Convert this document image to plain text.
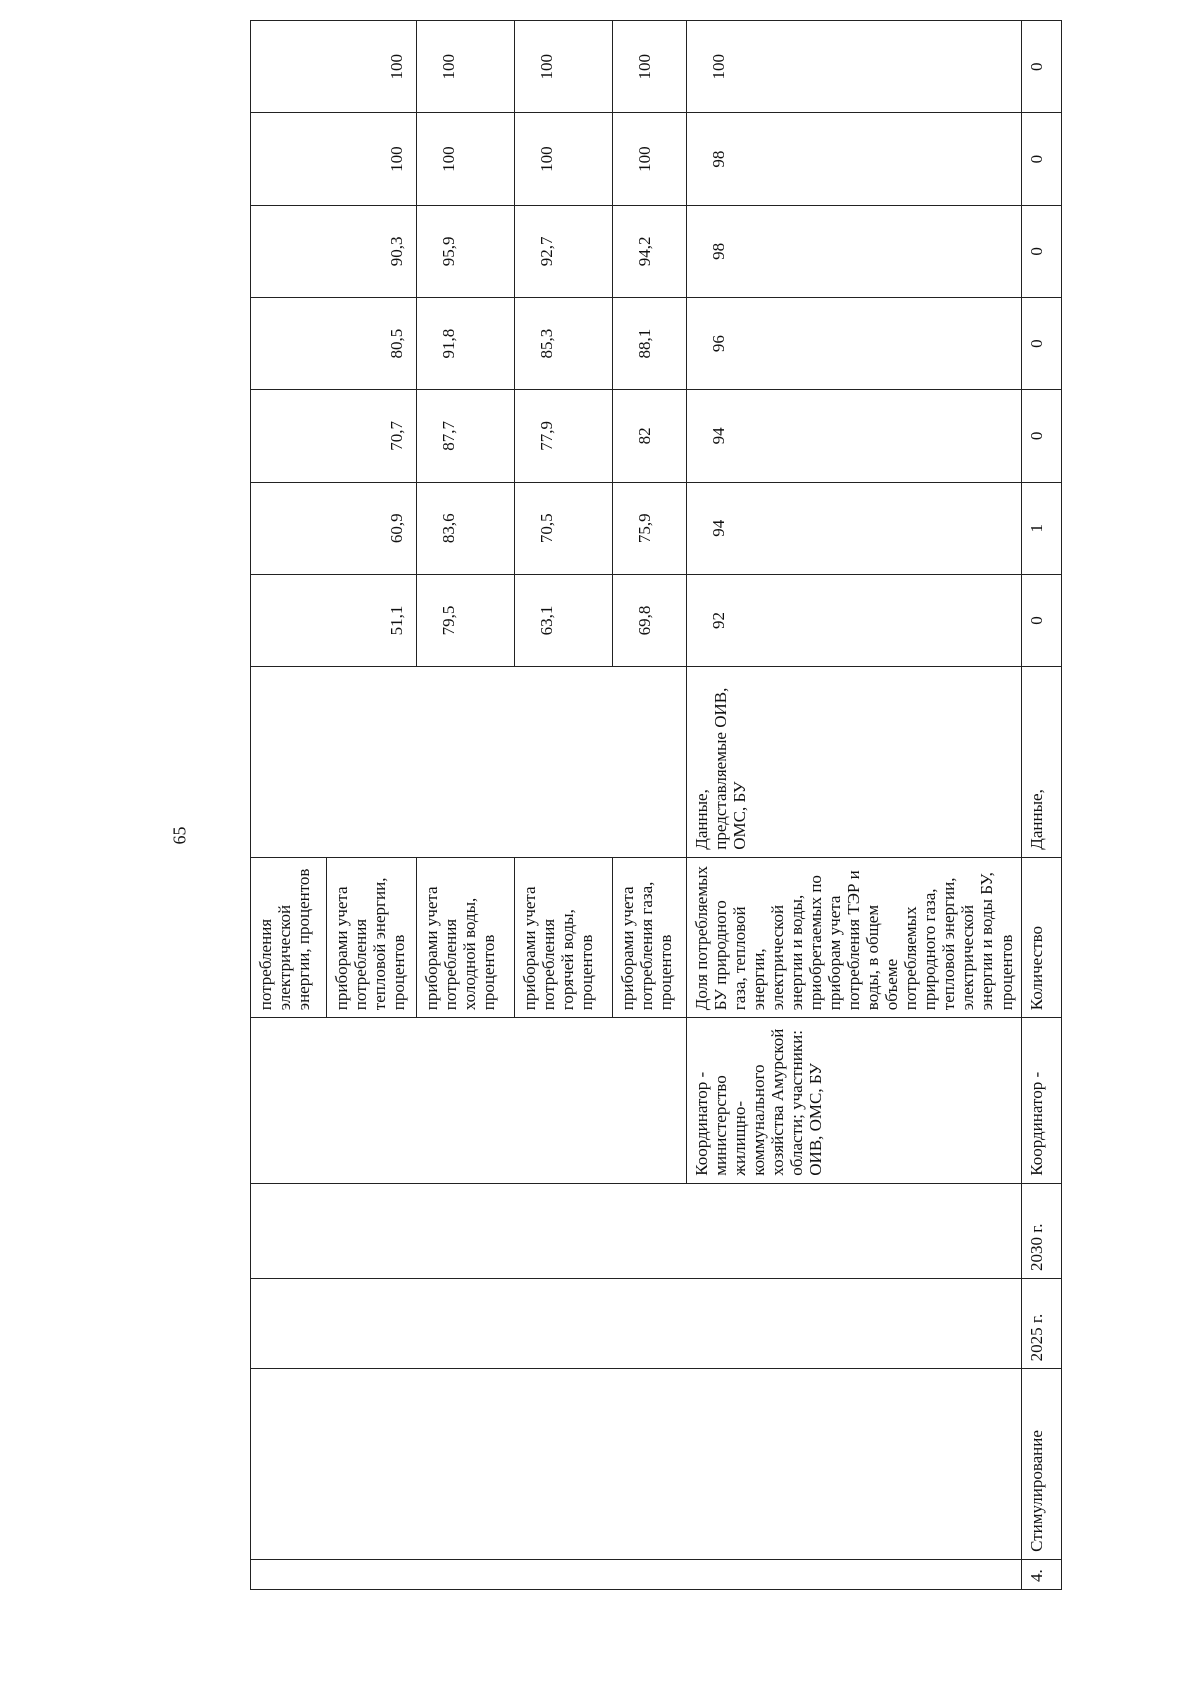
65
					потребления электрической энергии, процентов		51,1	60,9	70,7	80,5	90,3	100	100
					приборами учета потребления тепловой энергии, процентов								
					приборами учета потребления холодной воды, процентов		79,5	83,6	87,7	91,8	95,9	100	100
					приборами учета потребления горячей воды, процентов		63,1	70,5	77,9	85,3	92,7	100	100
					приборами учета потребления газа, процентов		69,8	75,9	82	88,1	94,2	100	100
				Координатор - министерство жилищно-коммунального хозяйства Амурской области; участники: ОИВ, ОМС, БУ	Доля потребляемых БУ природного газа, тепловой энергии, электрической энергии и воды, приобретаемых по приборам учета потребления ТЭР и воды, в общем объеме потребляемых природного газа, тепловой энергии, электрической энергии и воды БУ, процентов	Данные, представляемые ОИВ, ОМС, БУ	92	94	94	96	98	98	100
4.	Стимулирование	2025 г.	2030 г.	Координатор -	Количество	Данные,	0	1	0	0	0	0	0
